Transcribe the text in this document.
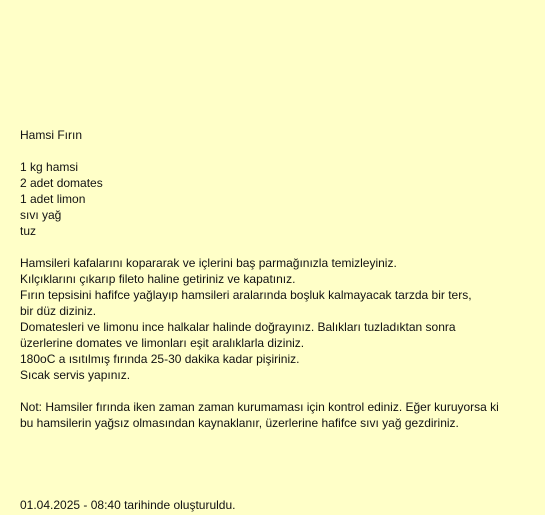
Hamsi Fırın
1 kg hamsi
2 adet domates
1 adet limon
sıvı yağ
tuz
Hamsileri kafalarını kopararak ve içlerini baş parmağınızla temizleyiniz.
Kılçıklarını çıkarıp fileto haline getiriniz ve kapatınız.
Fırın tepsisini hafifce yağlayıp hamsileri aralarında boşluk kalmayacak tarzda bir ters,
bir düz diziniz.
Domatesleri ve limonu ince halkalar halinde doğrayınız. Balıkları tuzladıktan sonra
üzerlerine domates ve limonları eşit aralıklarla diziniz.
180oC a ısıtılmış fırında 25-30 dakika kadar pişiriniz.
Sıcak servis yapınız.
Not: Hamsiler fırında iken zaman zaman kurumaması için kontrol ediniz. Eğer kuruyorsa ki
bu hamsilerin yağsız olmasından kaynaklanır, üzerlerine hafifce sıvı yağ gezdiriniz.
01.04.2025 - 08:40 tarihinde oluşturuldu.
